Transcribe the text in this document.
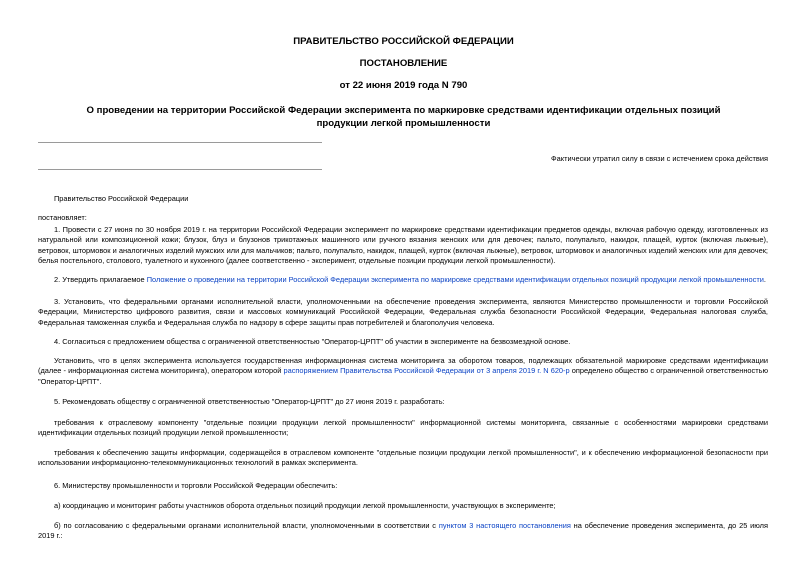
ПРАВИТЕЛЬСТВО РОССИЙСКОЙ ФЕДЕРАЦИИ
ПОСТАНОВЛЕНИЕ
от 22 июня 2019 года N 790
О проведении на территории Российской Федерации эксперимента по маркировке средствами идентификации отдельных позиций продукции легкой промышленности
Фактически утратил силу в связи с истечением срока действия

Правительство Российской Федерации

постановляет:

1. Провести с 27 июня по 30 ноября 2019 г. на территории Российской Федерации эксперимент по маркировке средствами идентификации предметов одежды, включая рабочую одежду, изготовленных из натуральной или композиционной кожи; блузок, блуз и блузонов трикотажных машинного или ручного вязания женских или для девочек; пальто, полупальто, накидок, плащей, курток (включая лыжные), ветровок, штормовок и аналогичных изделий мужских или для мальчиков; пальто, полупальто, накидок, плащей, курток (включая лыжные), ветровок, штормовок и аналогичных изделий женских или для девочек; белья постельного, столового, туалетного и кухонного (далее соответственно - эксперимент, отдельные позиции продукции легкой промышленности).

2. Утвердить прилагаемое Положение о проведении на территории Российской Федерации эксперимента по маркировке средствами идентификации отдельных позиций продукции легкой промышленности.

3. Установить, что федеральными органами исполнительной власти, уполномоченными на обеспечение проведения эксперимента, являются Министерство промышленности и торговли Российской Федерации, Министерство цифрового развития, связи и массовых коммуникаций Российской Федерации, Федеральная служба безопасности Российской Федерации, Федеральная налоговая служба, Федеральная таможенная служба и Федеральная служба по надзору в сфере защиты прав потребителей и благополучия человека.

4. Согласиться с предложением общества с ограниченной ответственностью "Оператор-ЦРПТ" об участии в эксперименте на безвозмездной основе.

Установить, что в целях эксперимента используется государственная информационная система мониторинга за оборотом товаров, подлежащих обязательной маркировке средствами идентификации (далее - информационная система мониторинга), оператором которой распоряжением Правительства Российской Федерации от 3 апреля 2019 г. N 620-р определено общество с ограниченной ответственностью "Оператор-ЦРПТ".

5. Рекомендовать обществу с ограниченной ответственностью "Оператор-ЦРПТ" до 27 июня 2019 г. разработать:

требования к отраслевому компоненту "отдельные позиции продукции легкой промышленности" информационной системы мониторинга, связанные с особенностями маркировки средствами идентификации отдельных позиций продукции легкой промышленности;

требования к обеспечению защиты информации, содержащейся в отраслевом компоненте "отдельные позиции продукции легкой промышленности", и к обеспечению информационной безопасности при использовании информационно-телекоммуникационных технологий в рамках эксперимента.

6. Министерству промышленности и торговли Российской Федерации обеспечить:

а) координацию и мониторинг работы участников оборота отдельных позиций продукции легкой промышленности, участвующих в эксперименте;

б) по согласованию с федеральными органами исполнительной власти, уполномоченными в соответствии с пунктом 3 настоящего постановления на обеспечение проведения эксперимента, до 25 июля 2019 г.:
